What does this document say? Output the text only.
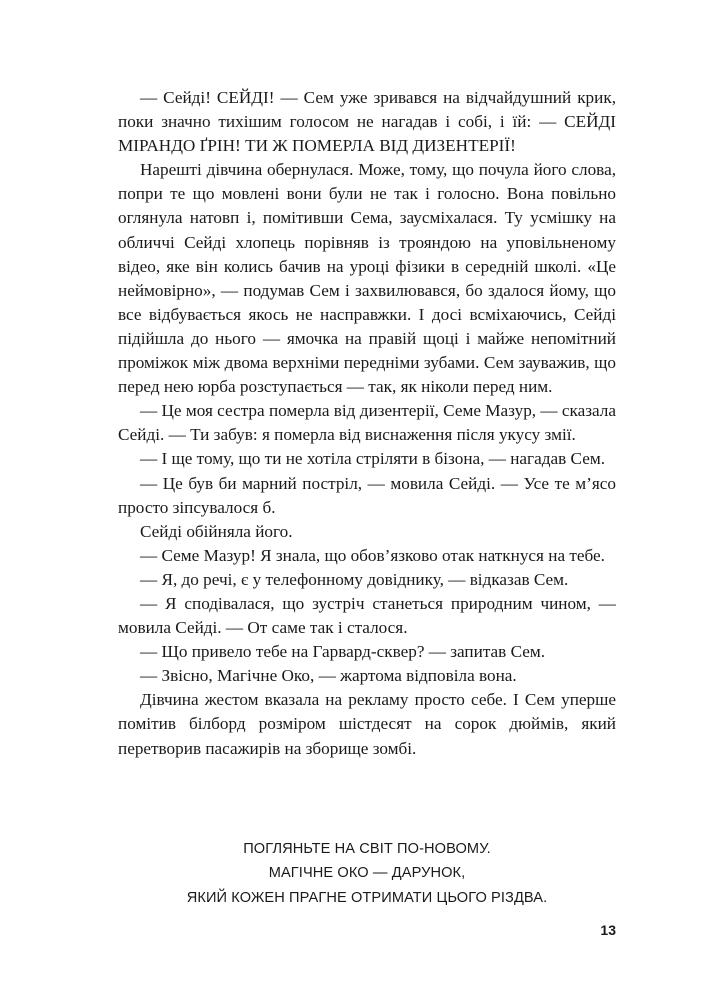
— Сейді! СЕЙДІ! — Сем уже зривався на відчайдушний крик, поки значно тихішим голосом не нагадав і собі, і їй: — СЕЙДІ МІРАНДО ҐРІН! ТИ Ж ПОМЕРЛА ВІД ДИЗЕНТЕРІЇ!

Нарешті дівчина обернулася. Може, тому, що почула його слова, попри те що мовлені вони були не так і голосно. Вона повільно оглянула натовп і, помітивши Сема, заусміхалася. Ту усмішку на обличчі Сейді хлопець порівняв із трояндою на уповільненому відео, яке він колись бачив на уроці фізики в середній школі. «Це неймовірно», — подумав Сем і захвилювався, бо здалося йому, що все відбувається якось не насправжки. І досі всміхаючись, Сейді підійшла до нього — ямочка на правій щоці і майже непомітний проміжок між двома верхніми передніми зубами. Сем зауважив, що перед нею юрба розступається — так, як ніколи перед ним.

— Це моя сестра померла від дизентерії, Семе Мазур, — сказала Сейді. — Ти забув: я померла від виснаження після укусу змії.

— І ще тому, що ти не хотіла стріляти в бізона, — нагадав Сем.

— Це був би марний постріл, — мовила Сейді. — Усе те м’ясо просто зіпсувалося б.

Сейді обійняла його.

— Семе Мазур! Я знала, що обов’язково отак наткнуся на тебе.

— Я, до речі, є у телефонному довіднику, — відказав Сем.

— Я сподівалася, що зустріч станеться природним чином, — мовила Сейді. — От саме так і сталося.

— Що привело тебе на Гарвард-сквер? — запитав Сем.

— Звісно, Магічне Око, — жартома відповіла вона.

Дівчина жестом вказала на рекламу просто себе. І Сем уперше помітив білборд розміром шістдесят на сорок дюймів, який перетворив пасажирів на зборище зомбі.

ПОГЛЯНЬТЕ НА СВІТ ПО-НОВОМУ.
МАГІЧНЕ ОКО — ДАРУНОК,
ЯКИЙ КОЖЕН ПРАГНЕ ОТРИМАТИ ЦЬОГО РІЗДВА.
13
